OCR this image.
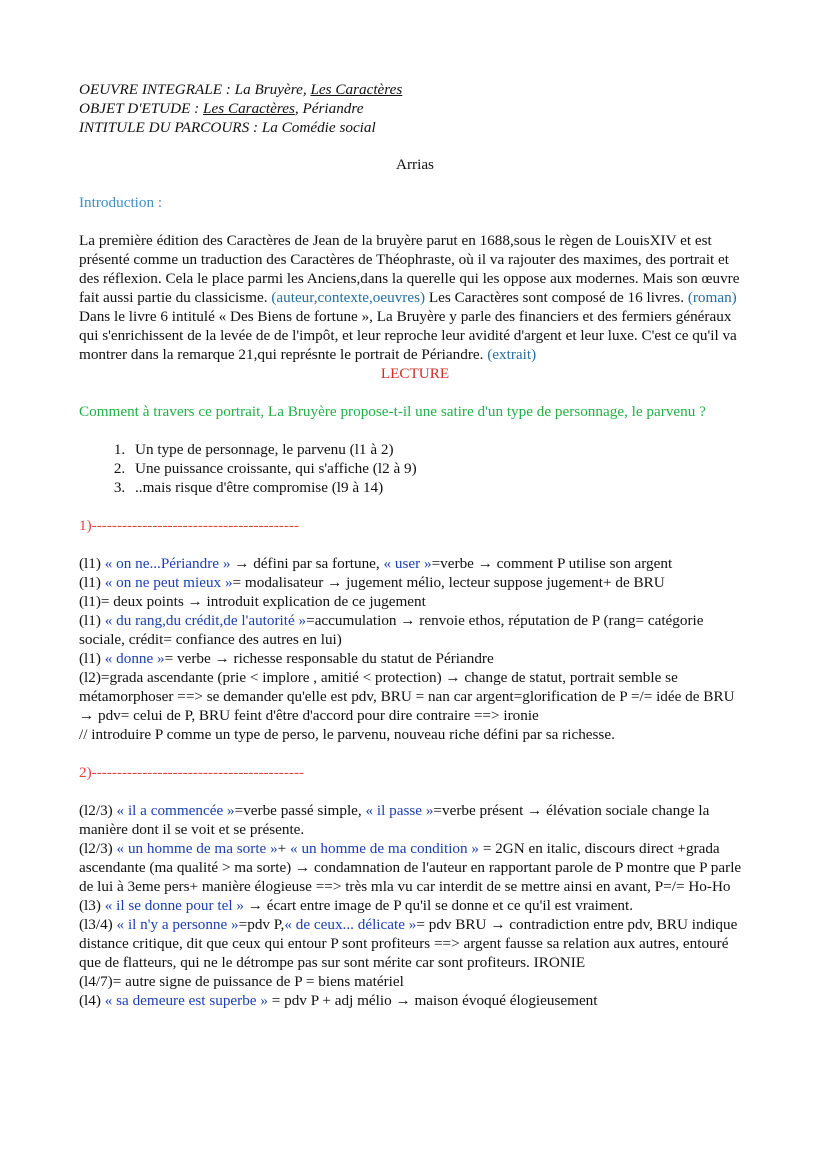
OEUVRE INTEGRALE : La Bruyère, Les Caractères
OBJET D'ETUDE : Les Caractères, Périandre
INTITULE DU PARCOURS : La Comédie social
Arrias
Introduction :
La première édition des Caractères de Jean de la bruyère parut en 1688,sous le règen de LouisXIV et est présenté comme un traduction des Caractères de Théophraste, où il va rajouter des maximes, des portrait et des réflexion. Cela le place parmi les Anciens,dans la querelle qui les oppose aux modernes. Mais son œuvre fait aussi partie du classicisme. (auteur,contexte,oeuvres) Les Caractères sont composé de 16 livres. (roman) Dans le livre 6 intitulé « Des Biens de fortune », La Bruyère y parle des financiers et des fermiers généraux qui s'enrichissent de la levée de de l'impôt, et leur reproche leur avidité d'argent et leur luxe. C'est ce qu'il va montrer dans la remarque 21,qui représnte le portrait de Périandre. (extrait)
LECTURE
Comment à travers ce portrait, La Bruyère propose-t-il une satire d'un type de personnage, le parvenu ?
1. Un type de personnage, le parvenu (l1 à 2)
2. Une puissance croissante, qui s'affiche (l2 à 9)
3. ..mais risque d'être compromise (l9 à 14)
1)-----------------------------------------
(l1) « on ne...Périandre » → défini par sa fortune, « user »=verbe → comment P utilise son argent
(l1) « on ne peut mieux »= modalisateur → jugement mélio, lecteur suppose jugement+ de BRU
(l1)= deux points → introduit explication de ce jugement
(l1) « du rang,du crédit,de l'autorité »=accumulation → renvoie ethos, réputation de P (rang= catégorie sociale, crédit= confiance des autres en lui)
(l1) « donne »= verbe → richesse responsable du statut de Périandre
(l2)=grada ascendante (prie < implore , amitié < protection) → change de statut, portrait semble se métamorphoser ==> se demander qu'elle est pdv, BRU = nan car argent=glorification de P =/= idée de BRU → pdv= celui de P, BRU feint d'être d'accord pour dire contraire ==> ironie
// introduire P comme un type de perso, le parvenu, nouveau riche défini par sa richesse.
2)------------------------------------------
(l2/3) « il a commencée »=verbe passé simple, « il passe »=verbe présent → élévation sociale change la manière dont il se voit et se présente.
(l2/3) « un homme de ma sorte »+ « un homme de ma condition » = 2GN en italic, discours direct +grada ascendante (ma qualité > ma sorte) → condamnation de l'auteur en rapportant parole de P montre que P parle de lui à 3eme pers+ manière élogieuse ==> très mla vu car interdit de se mettre ainsi en avant, P=/= Ho-Ho
(l3) « il se donne pour tel » → écart entre image de P qu'il se donne et ce qu'il est vraiment.
(l3/4) « il n'y a personne »=pdv P,« de ceux... délicate »= pdv BRU → contradiction entre pdv, BRU indique distance critique, dit que ceux qui entour P sont profiteurs ==> argent fausse sa relation aux autres, entouré que de flatteurs, qui ne le détrompe pas sur sont mérite car sont profiteurs. IRONIE
(l4/7)= autre signe de puissance de P = biens matériel
(l4) « sa demeure est superbe » = pdv P + adj mélio → maison évoqué élogieusement
